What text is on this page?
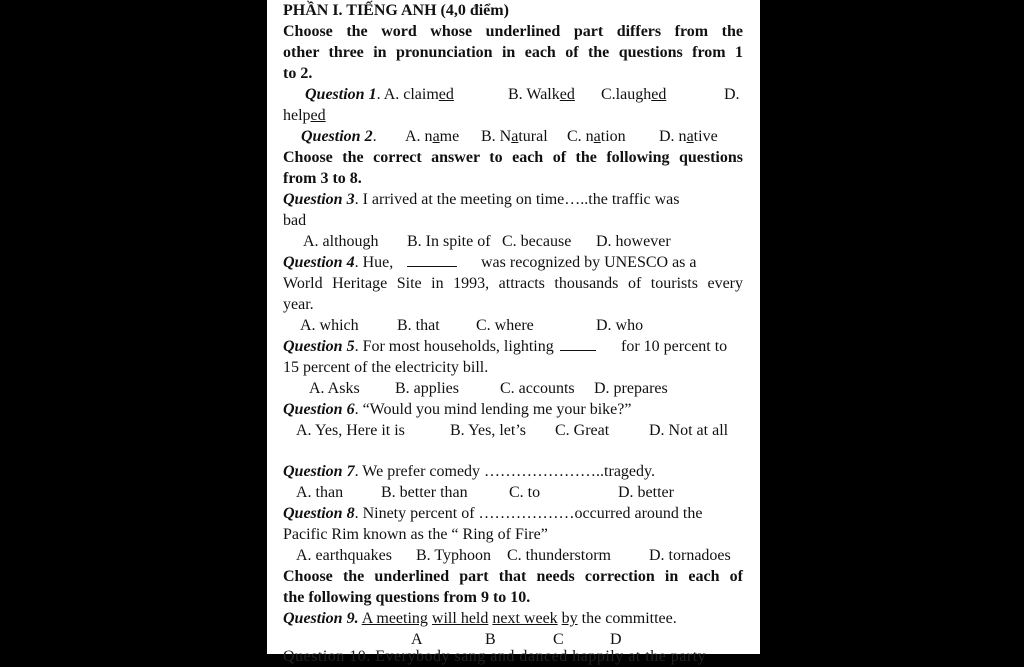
PHẦN I. TIẾNG ANH (4,0 điểm)
Choose the word whose underlined part differs from the
other three in pronunciation in each of the questions from 1
to 2.
Question 1. A. claimed	B. Walked C.laughed	D.
helped
Question 2. A. name B. Natural C. nation D. native
Choose the correct answer to each of the following questions
from 3 to 8.
Question 3. I arrived at the meeting on time…..the traffic was
bad
A. although B. In spite of C. because D. however
Question 4. Hue,	was recognized by UNESCO as a
World Heritage Site in 1993, attracts thousands of tourists every
year.
A. which B. that C. where	D. who
Question 5. For most households, lighting	for 10 percent to
15 percent of the electricity bill.
A. Asks B. applies	C. accounts D. prepares
Question 6. “Would you mind lending me your bike?”
A. Yes, Here it is	B. Yes, let’s C. Great D. Not at all
Question 7. We prefer comedy …………………..tragedy.
A. than B. better than	C. to	D. better
Question 8. Ninety percent of ………………occurred around the
Pacific Rim known as the “ Ring of Fire”
A. earthquakes B. Typhoon C. thunderstorm D. tornadoes
Choose the underlined part that needs correction in each of
the following questions from 9 to 10.
Question 9. A meeting will held next week by the committee.
A	B	C	D
Question 10. Everybody sang and danced happily at the party
